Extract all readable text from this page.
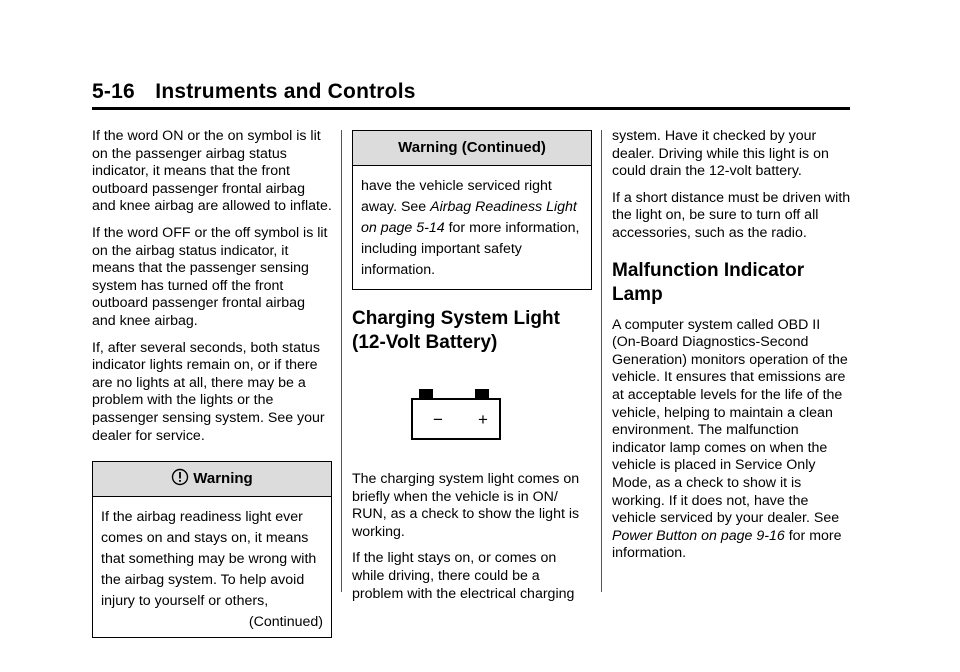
5-16 Instruments and Controls

If the word ON or the on symbol is lit on the passenger airbag status indicator, it means that the front outboard passenger frontal airbag and knee airbag are allowed to inflate.

If the word OFF or the off symbol is lit on the airbag status indicator, it means that the passenger sensing system has turned off the front outboard passenger frontal airbag and knee airbag.

If, after several seconds, both status indicator lights remain on, or if there are no lights at all, there may be a problem with the lights or the passenger sensing system. See your dealer for service.

Warning

If the airbag readiness light ever comes on and stays on, it means that something may be wrong with the airbag system. To help avoid injury to yourself or others,

(Continued)

Warning (Continued)

have the vehicle serviced right away. See Airbag Readiness Light on page 5-14 for more information, including important safety information.

Charging System Light (12-Volt Battery)
− +

The charging system light comes on briefly when the vehicle is in ON/ RUN, as a check to show the light is working.

If the light stays on, or comes on while driving, there could be a problem with the electrical charging

system. Have it checked by your dealer. Driving while this light is on could drain the 12-volt battery.

If a short distance must be driven with the light on, be sure to turn off all accessories, such as the radio.

Malfunction Indicator Lamp

A computer system called OBD II (On-Board Diagnostics-Second Generation) monitors operation of the vehicle. It ensures that emissions are at acceptable levels for the life of the vehicle, helping to maintain a clean environment. The malfunction indicator lamp comes on when the vehicle is placed in Service Only Mode, as a check to show it is working. If it does not, have the vehicle serviced by your dealer. See Power Button on page 9-16 for more information.
